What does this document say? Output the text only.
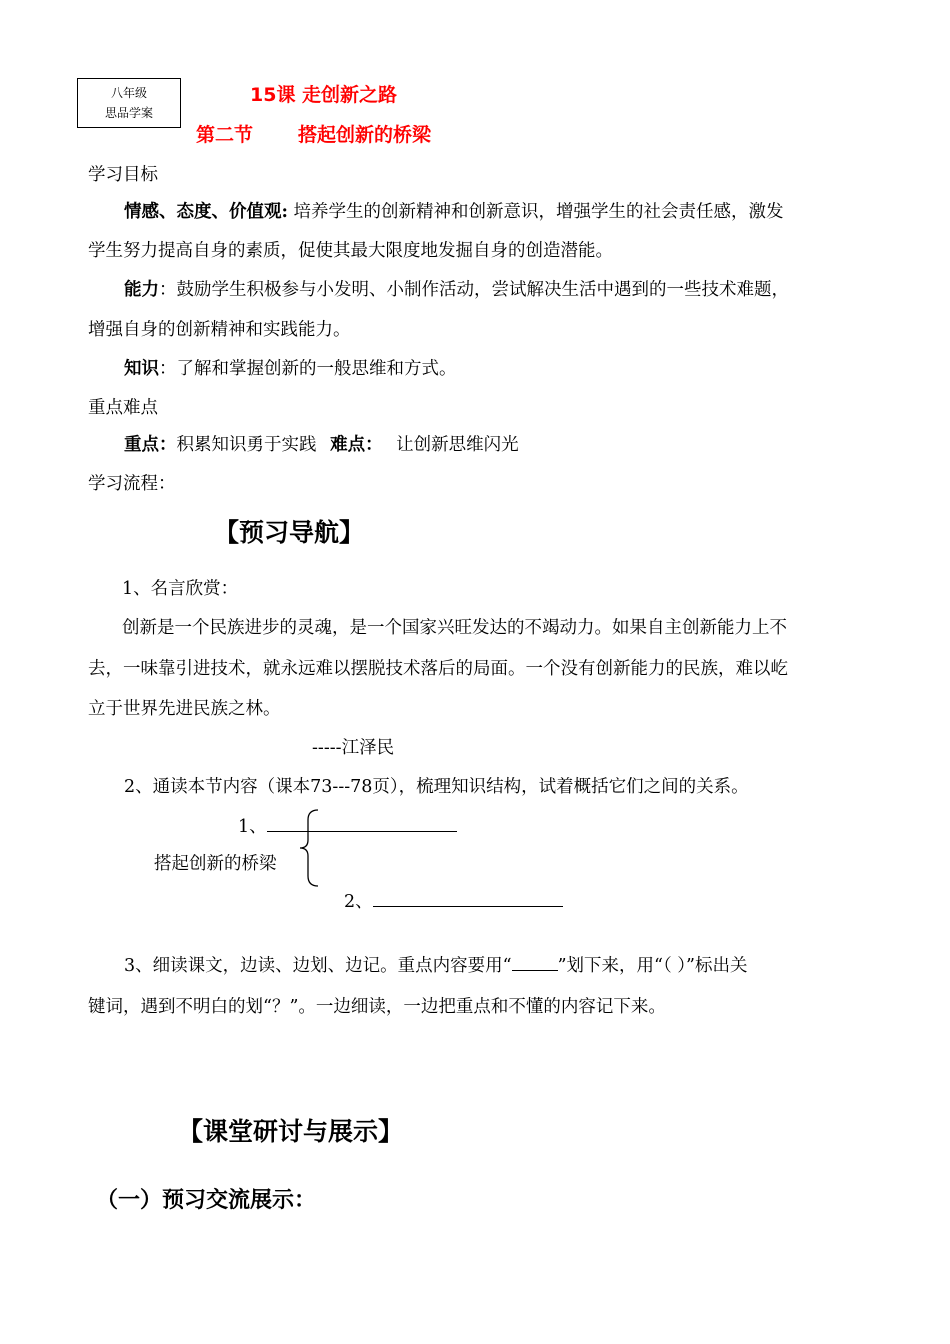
八年级
思品学案
15课 走创新之路
第二节 搭起创新的桥梁
学习目标
情感、态度、价值观: 培养学生的创新精神和创新意识，增强学生的社会责任感，激发
学生努力提高自身的素质，促使其最大限度地发掘自身的创造潜能。
能力：鼓励学生积极参与小发明、小制作活动，尝试解决生活中遇到的一些技术难题，
增强自身的创新精神和实践能力。
知识：了解和掌握创新的一般思维和方式。
重点难点
重点：积累知识勇于实践 难点： 让创新思维闪光
学习流程：
【预习导航】
1、名言欣赏：
创新是一个民族进步的灵魂，是一个国家兴旺发达的不竭动力。如果自主创新能力上不
去，一味靠引进技术，就永远难以摆脱技术落后的局面。一个没有创新能力的民族，难以屹
立于世界先进民族之林。
-----江泽民
2、通读本节内容（课本73---78页），梳理知识结构，试着概括它们之间的关系。
1、
搭起创新的桥梁
2、
3、细读课文，边读、边划、边记。重点内容要用“	”划下来，用“（ ）”标出关
键词，遇到不明白的划“？”。一边细读，一边把重点和不懂的内容记下来。
【课堂研讨与展示】
（一）预习交流展示：
